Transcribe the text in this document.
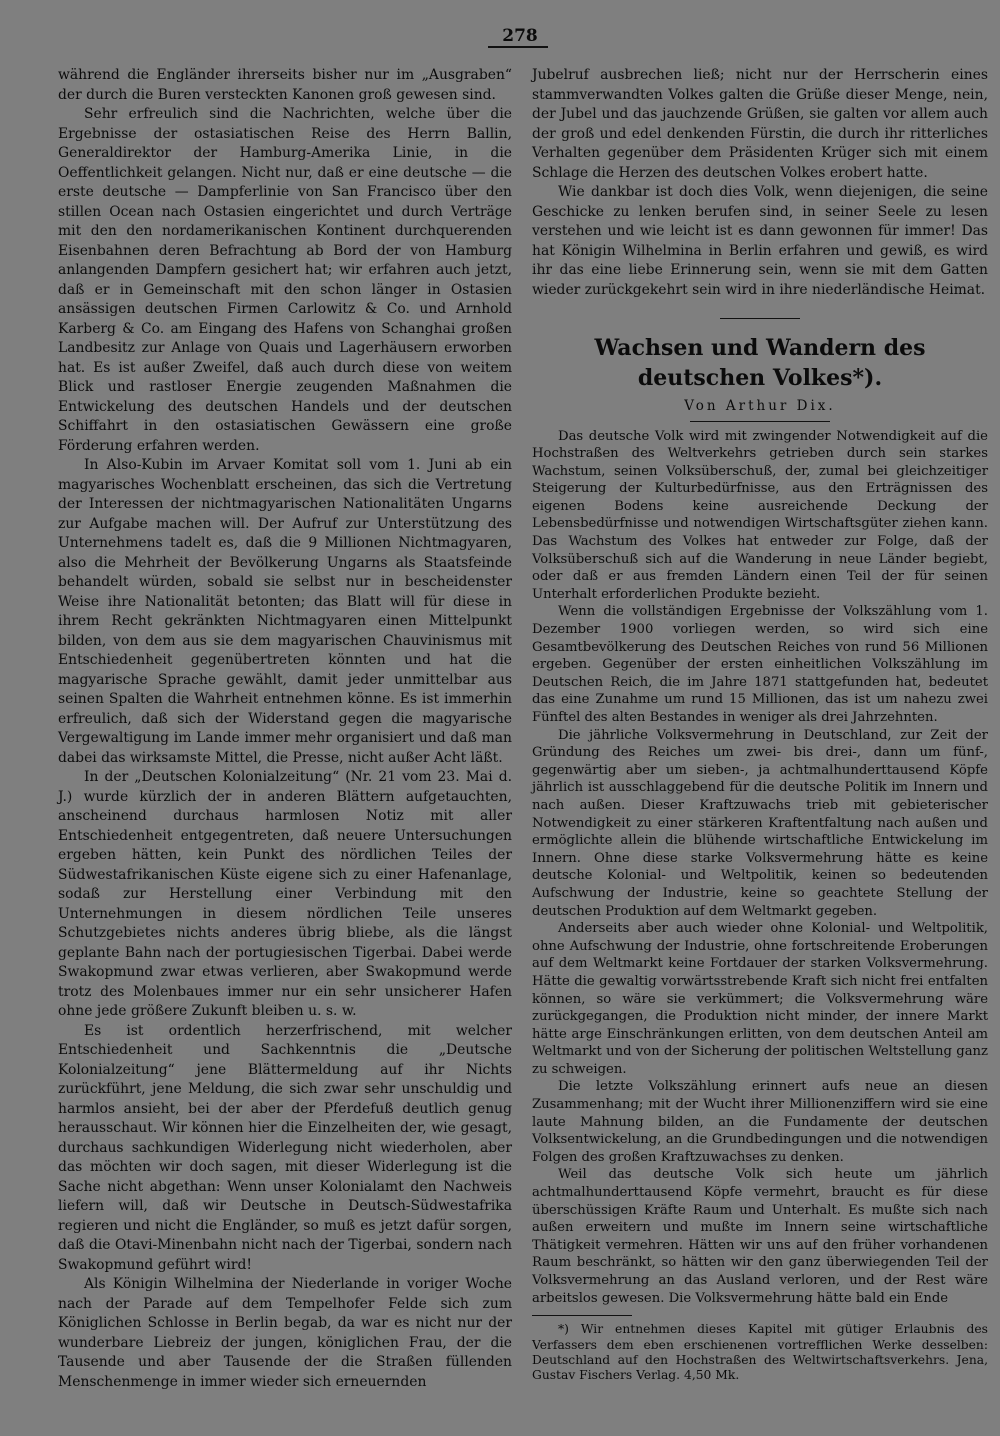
278

während die Engländer ihrerseits bisher nur im „Ausgraben“ der durch die Buren versteckten Kanonen groß gewesen sind.

Sehr erfreulich sind die Nachrichten, welche über die Ergebnisse der ostasiatischen Reise des Herrn Ballin, Generaldirektor der Hamburg-Amerika Linie, in die Oeffentlichkeit gelangen. Nicht nur, daß er eine deutsche — die erste deutsche — Dampferlinie von San Francisco über den stillen Ocean nach Ostasien eingerichtet und durch Verträge mit den den nordamerikanischen Kontinent durchquerenden Eisenbahnen deren Befrachtung ab Bord der von Hamburg anlangenden Dampfern gesichert hat; wir erfahren auch jetzt, daß er in Gemeinschaft mit den schon länger in Ostasien ansässigen deutschen Firmen Carlowitz & Co. und Arnhold Karberg & Co. am Eingang des Hafens von Schanghai großen Landbesitz zur Anlage von Quais und Lagerhäusern erworben hat. Es ist außer Zweifel, daß auch durch diese von weitem Blick und rastloser Energie zeugenden Maßnahmen die Entwickelung des deutschen Handels und der deutschen Schiffahrt in den ostasiatischen Gewässern eine große Förderung erfahren werden.

In Also-Kubin im Arvaer Komitat soll vom 1. Juni ab ein magyarisches Wochenblatt erscheinen, das sich die Vertretung der Interessen der nichtmagyarischen Nationalitäten Ungarns zur Aufgabe machen will. Der Aufruf zur Unterstützung des Unternehmens tadelt es, daß die 9 Millionen Nichtmagyaren, also die Mehrheit der Bevölkerung Ungarns als Staatsfeinde behandelt würden, sobald sie selbst nur in bescheidenster Weise ihre Nationalität betonten; das Blatt will für diese in ihrem Recht gekränkten Nichtmagyaren einen Mittelpunkt bilden, von dem aus sie dem magyarischen Chauvinismus mit Entschiedenheit gegenübertreten könnten und hat die magyarische Sprache gewählt, damit jeder unmittelbar aus seinen Spalten die Wahrheit entnehmen könne. Es ist immerhin erfreulich, daß sich der Widerstand gegen die magyarische Vergewaltigung im Lande immer mehr organisiert und daß man dabei das wirksamste Mittel, die Presse, nicht außer Acht läßt.

In der „Deutschen Kolonialzeitung“ (Nr. 21 vom 23. Mai d. J.) wurde kürzlich der in anderen Blättern aufgetauchten, anscheinend durchaus harmlosen Notiz mit aller Entschiedenheit entgegentreten, daß neuere Untersuchungen ergeben hätten, kein Punkt des nördlichen Teiles der Südwestafrikanischen Küste eigene sich zu einer Hafenanlage, sodaß zur Herstellung einer Verbindung mit den Unternehmungen in diesem nördlichen Teile unseres Schutzgebietes nichts anderes übrig bliebe, als die längst geplante Bahn nach der portugiesischen Tigerbai. Dabei werde Swakopmund zwar etwas verlieren, aber Swakopmund werde trotz des Molenbaues immer nur ein sehr unsicherer Hafen ohne jede größere Zukunft bleiben u. s. w.

Es ist ordentlich herzerfrischend, mit welcher Entschiedenheit und Sachkenntnis die „Deutsche Kolonialzeitung“ jene Blättermeldung auf ihr Nichts zurückführt, jene Meldung, die sich zwar sehr unschuldig und harmlos ansieht, bei der aber der Pferdefuß deutlich genug herausschaut. Wir können hier die Einzelheiten der, wie gesagt, durchaus sachkundigen Widerlegung nicht wiederholen, aber das möchten wir doch sagen, mit dieser Widerlegung ist die Sache nicht abgethan: Wenn unser Kolonialamt den Nachweis liefern will, daß wir Deutsche in Deutsch-Südwestafrika regieren und nicht die Engländer, so muß es jetzt dafür sorgen, daß die Otavi-Minenbahn nicht nach der Tigerbai, sondern nach Swakopmund geführt wird!

Als Königin Wilhelmina der Niederlande in voriger Woche nach der Parade auf dem Tempelhofer Felde sich zum Königlichen Schlosse in Berlin begab, da war es nicht nur der wunderbare Liebreiz der jungen, königlichen Frau, der die Tausende und aber Tausende der die Straßen füllenden Menschenmenge in immer wieder sich erneuernden

Jubelruf ausbrechen ließ; nicht nur der Herrscherin eines stammverwandten Volkes galten die Grüße dieser Menge, nein, der Jubel und das jauchzende Grüßen, sie galten vor allem auch der groß und edel denkenden Fürstin, die durch ihr ritterliches Verhalten gegenüber dem Präsidenten Krüger sich mit einem Schlage die Herzen des deutschen Volkes erobert hatte.

Wie dankbar ist doch dies Volk, wenn diejenigen, die seine Geschicke zu lenken berufen sind, in seiner Seele zu lesen verstehen und wie leicht ist es dann gewonnen für immer! Das hat Königin Wilhelmina in Berlin erfahren und gewiß, es wird ihr das eine liebe Erinnerung sein, wenn sie mit dem Gatten wieder zurückgekehrt sein wird in ihre niederländische Heimat.

Wachsen und Wandern des deutschen Volkes*).
Von Arthur Dix.

Das deutsche Volk wird mit zwingender Notwendigkeit auf die Hochstraßen des Weltverkehrs getrieben durch sein starkes Wachstum, seinen Volksüberschuß, der, zumal bei gleichzeitiger Steigerung der Kulturbedürfnisse, aus den Erträgnissen des eigenen Bodens keine ausreichende Deckung der Lebensbedürfnisse und notwendigen Wirtschaftsgüter ziehen kann. Das Wachstum des Volkes hat entweder zur Folge, daß der Volksüberschuß sich auf die Wanderung in neue Länder begiebt, oder daß er aus fremden Ländern einen Teil der für seinen Unterhalt erforderlichen Produkte bezieht.

Wenn die vollständigen Ergebnisse der Volkszählung vom 1. Dezember 1900 vorliegen werden, so wird sich eine Gesamtbevölkerung des Deutschen Reiches von rund 56 Millionen ergeben. Gegenüber der ersten einheitlichen Volkszählung im Deutschen Reich, die im Jahre 1871 stattgefunden hat, bedeutet das eine Zunahme um rund 15 Millionen, das ist um nahezu zwei Fünftel des alten Bestandes in weniger als drei Jahrzehnten.

Die jährliche Volksvermehrung in Deutschland, zur Zeit der Gründung des Reiches um zwei- bis drei-, dann um fünf-, gegenwärtig aber um sieben-, ja achtmalhunderttausend Köpfe jährlich ist ausschlaggebend für die deutsche Politik im Innern und nach außen. Dieser Kraftzuwachs trieb mit gebieterischer Notwendigkeit zu einer stärkeren Kraftentfaltung nach außen und ermöglichte allein die blühende wirtschaftliche Entwickelung im Innern. Ohne diese starke Volksvermehrung hätte es keine deutsche Kolonial- und Weltpolitik, keinen so bedeutenden Aufschwung der Industrie, keine so geachtete Stellung der deutschen Produktion auf dem Weltmarkt gegeben.

Anderseits aber auch wieder ohne Kolonial- und Weltpolitik, ohne Aufschwung der Industrie, ohne fortschreitende Eroberungen auf dem Weltmarkt keine Fortdauer der starken Volksvermehrung. Hätte die gewaltig vorwärtsstrebende Kraft sich nicht frei entfalten können, so wäre sie verkümmert; die Volksvermehrung wäre zurückgegangen, die Produktion nicht minder, der innere Markt hätte arge Einschränkungen erlitten, von dem deutschen Anteil am Weltmarkt und von der Sicherung der politischen Weltstellung ganz zu schweigen.

Die letzte Volkszählung erinnert aufs neue an diesen Zusammenhang; mit der Wucht ihrer Millionenziffern wird sie eine laute Mahnung bilden, an die Fundamente der deutschen Volksentwickelung, an die Grundbedingungen und die notwendigen Folgen des großen Kraftzuwachses zu denken.

Weil das deutsche Volk sich heute um jährlich achtmalhunderttausend Köpfe vermehrt, braucht es für diese überschüssigen Kräfte Raum und Unterhalt. Es mußte sich nach außen erweitern und mußte im Innern seine wirtschaftliche Thätigkeit vermehren. Hätten wir uns auf den früher vorhandenen Raum beschränkt, so hätten wir den ganz überwiegenden Teil der Volksvermehrung an das Ausland verloren, und der Rest wäre arbeitslos gewesen. Die Volksvermehrung hätte bald ein Ende

*) Wir entnehmen dieses Kapitel mit gütiger Erlaubnis des Verfassers dem eben erschienenen vortrefflichen Werke desselben: Deutschland auf den Hochstraßen des Weltwirtschaftsverkehrs. Jena, Gustav Fischers Verlag. 4,50 Mk.
